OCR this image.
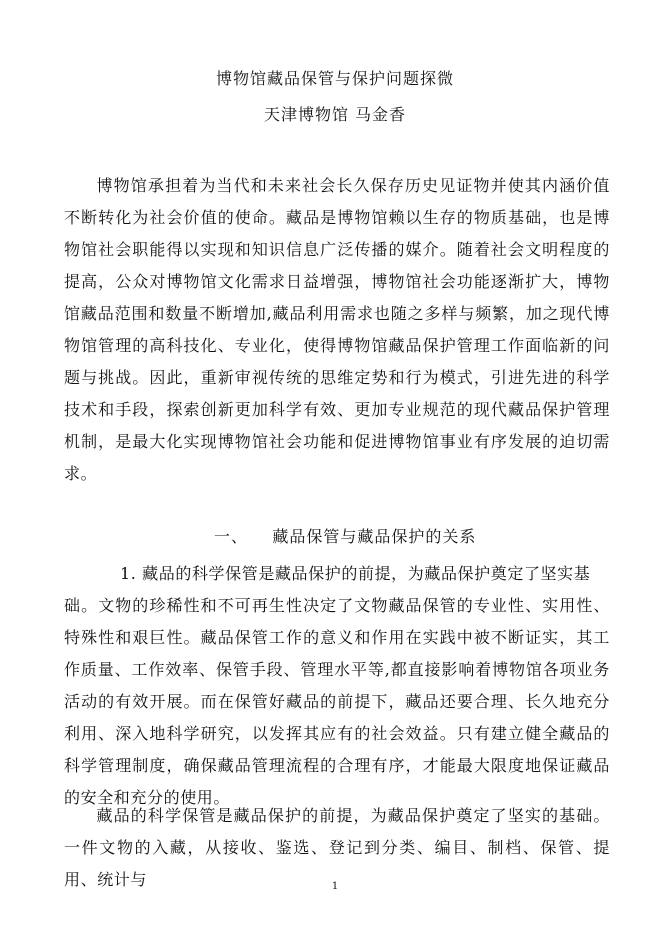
博物馆藏品保管与保护问题探微
天津博物馆 马金香
博物馆承担着为当代和未来社会长久保存历史见证物并使其内涵价值不断转化为社会价值的使命。藏品是博物馆赖以生存的物质基础，也是博物馆社会职能得以实现和知识信息广泛传播的媒介。随着社会文明程度的提高，公众对博物馆文化需求日益增强，博物馆社会功能逐渐扩大，博物馆藏品范围和数量不断增加,藏品利用需求也随之多样与频繁，加之现代博物馆管理的高科技化、专业化，使得博物馆藏品保护管理工作面临新的问题与挑战。因此，重新审视传统的思维定势和行为模式，引进先进的科学技术和手段，探索创新更加科学有效、更加专业规范的现代藏品保护管理机制，是最大化实现博物馆社会功能和促进博物馆事业有序发展的迫切需求。
一、    藏品保管与藏品保护的关系
1. 藏品的科学保管是藏品保护的前提，为藏品保护奠定了坚实基
础。文物的珍稀性和不可再生性决定了文物藏品保管的专业性、实用性、特殊性和艰巨性。藏品保管工作的意义和作用在实践中被不断证实，其工作质量、工作效率、保管手段、管理水平等,都直接影响着博物馆各项业务活动的有效开展。而在保管好藏品的前提下，藏品还要合理、长久地充分利用、深入地科学研究，以发挥其应有的社会效益。只有建立健全藏品的科学管理制度，确保藏品管理流程的合理有序，才能最大限度地保证藏品的安全和充分的使用。
藏品的科学保管是藏品保护的前提，为藏品保护奠定了坚实的基础。一件文物的入藏，从接收、鉴选、登记到分类、编目、制档、保管、提用、统计与	1
